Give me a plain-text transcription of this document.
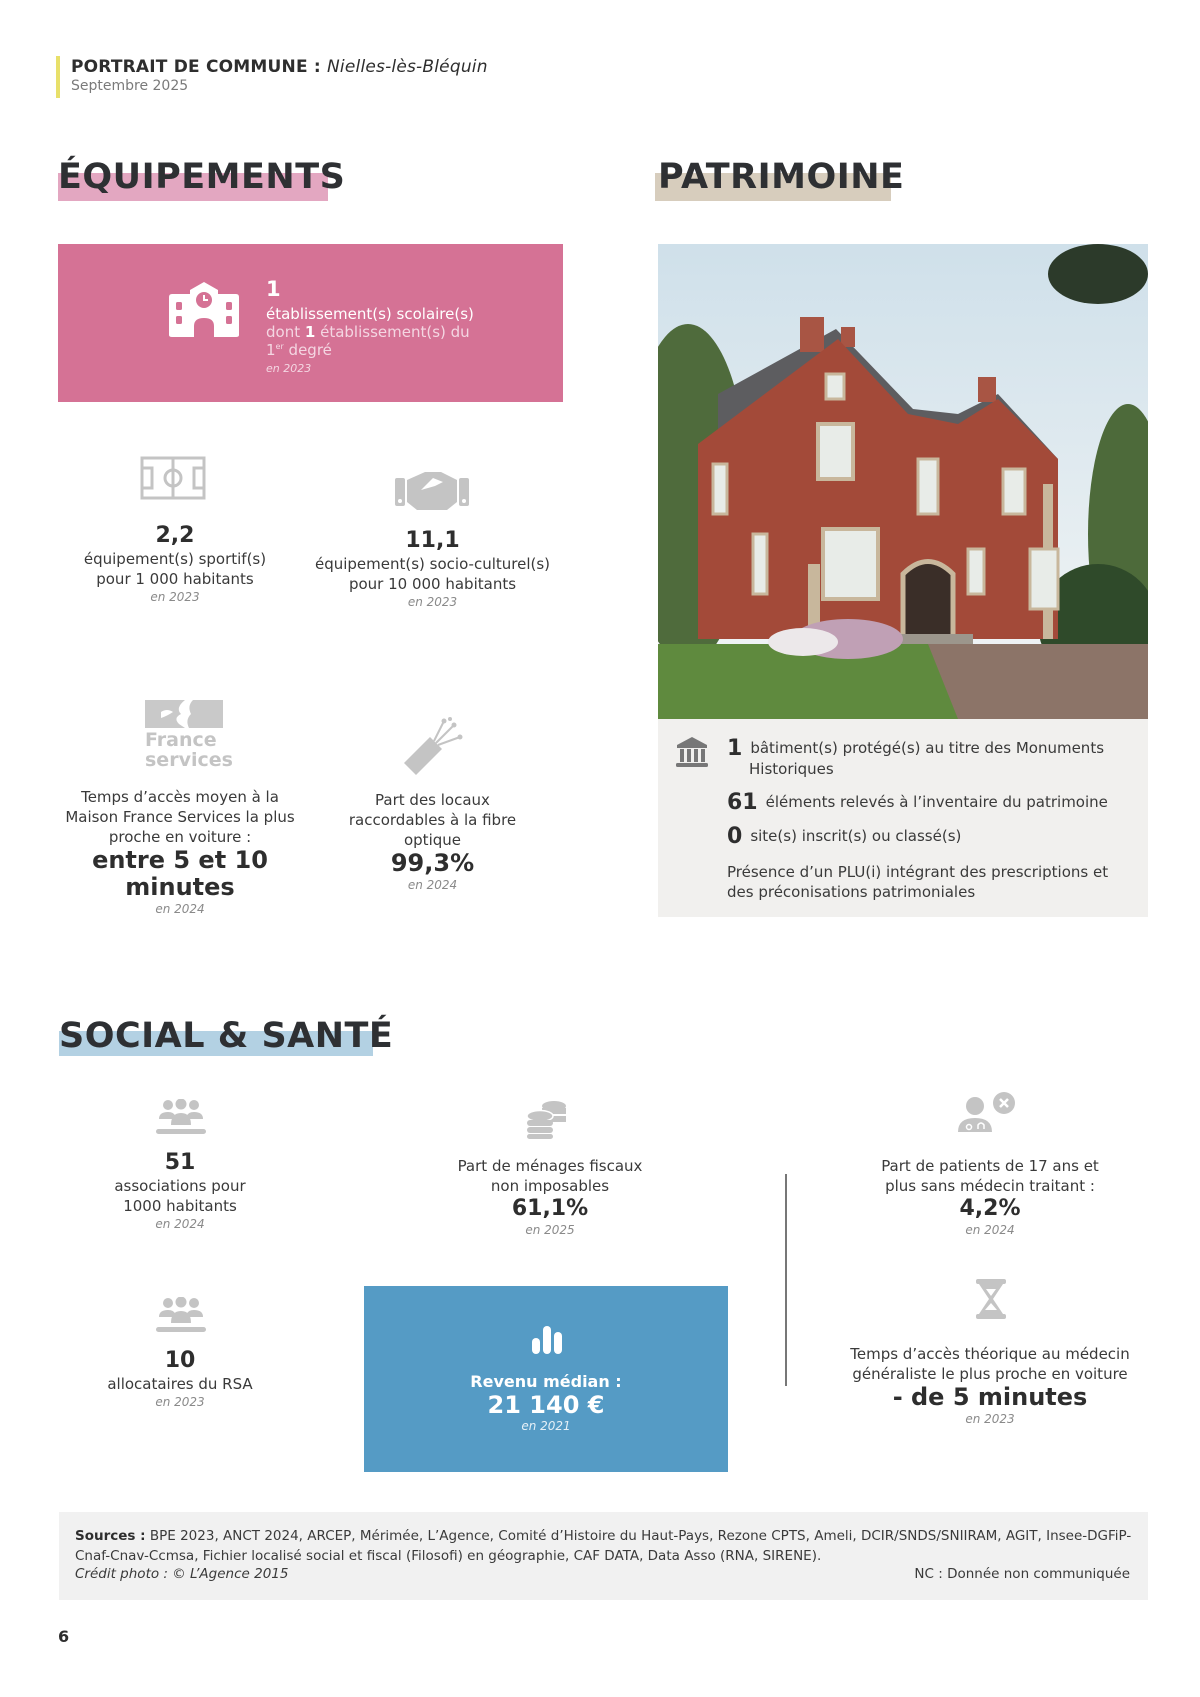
PORTRAIT DE COMMUNE : Nielles-lès-Bléquin
Septembre 2025
ÉQUIPEMENTS
1
établissement(s) scolaire(s)
dont 1 établissement(s) du
1er degré
en 2023
2,2
équipement(s) sportif(s)
pour 1 000 habitants
en 2023
11,1
équipement(s) socio-culturel(s)
pour 10 000 habitants
en 2023
France
services
Temps d’accès moyen à la
Maison France Services la plus
proche en voiture :
entre 5 et 10
minutes
en 2024
Part des locaux
raccordables à la fibre
optique
99,3%
en 2024
PATRIMOINE
1 bâtiment(s) protégé(s) au titre des Monuments
Historiques
61 éléments relevés à l’inventaire du patrimoine
0 site(s) inscrit(s) ou classé(s)
Présence d’un PLU(i) intégrant des prescriptions et
des préconisations patrimoniales
SOCIAL & SANTÉ
51
associations pour
1000 habitants
en 2024
10
allocataires du RSA
en 2023
Part de ménages fiscaux
non imposables
61,1%
en 2025
Revenu médian :
21 140 €
en 2021
Part de patients de 17 ans et
plus sans médecin traitant :
4,2%
en 2024
Temps d’accès théorique au médecin
généraliste le plus proche en voiture
- de 5 minutes
en 2023
Sources : BPE 2023, ANCT 2024, ARCEP, Mérimée, L’Agence, Comité d’Histoire du Haut-Pays, Rezone CPTS, Ameli, DCIR/SNDS/SNIIRAM, AGIT, Insee-DGFiP-Cnaf-Cnav-Ccmsa, Fichier localisé social et fiscal (Filosofi) en géographie, CAF DATA, Data Asso (RNA, SIRENE).
Crédit photo : © L’Agence 2015	NC : Donnée non communiquée
6
